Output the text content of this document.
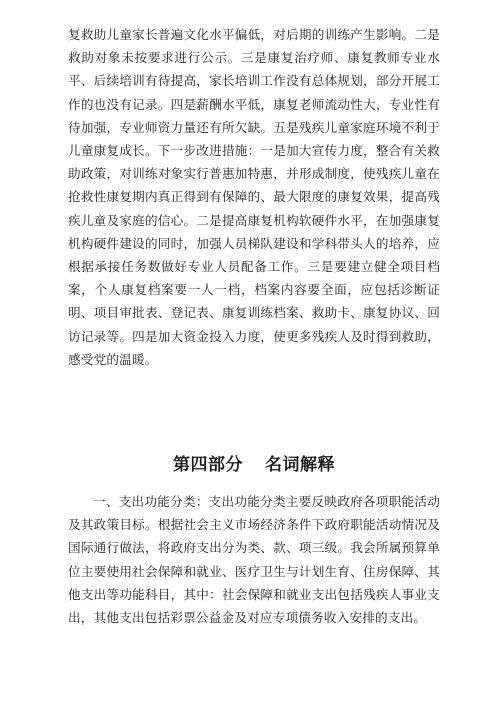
复救助儿童家长普遍文化水平偏低，对后期的训练产生影响。二是救助对象未按要求进行公示。三是康复治疗师、康复教师专业水平、后续培训有待提高，家长培训工作没有总体规划，部分开展工作的也没有记录。四是薪酬水平低，康复老师流动性大，专业性有待加强，专业师资力量还有所欠缺。五是残疾儿童家庭环境不利于儿童康复成长。下一步改进措施：一是加大宣传力度，整合有关救助政策，对训练对象实行普惠加特惠，并形成制度，使残疾儿童在抢救性康复期内真正得到有保障的、最大限度的康复效果，提高残疾儿童及家庭的信心。二是提高康复机构软硬件水平，在加强康复机构硬件建设的同时，加强人员梯队建设和学科带头人的培养，应根据承接任务数做好专业人员配备工作。三是要建立健全项目档案，个人康复档案要一人一档，档案内容要全面，应包括诊断证明、项目审批表、登记表、康复训练档案、救助卡、康复协议、回访记录等。四是加大资金投入力度，使更多残疾人及时得到救助，感受党的温暖。

第四部分 名词解释

一、支出功能分类：支出功能分类主要反映政府各项职能活动及其政策目标。根据社会主义市场经济条件下政府职能活动情况及国际通行做法，将政府支出分为类、款、项三级。我会所属预算单位主要使用社会保障和就业、医疗卫生与计划生育、住房保障、其他支出等功能科目，其中：社会保障和就业支出包括残疾人事业支出，其他支出包括彩票公益金及对应专项债务收入安排的支出。
